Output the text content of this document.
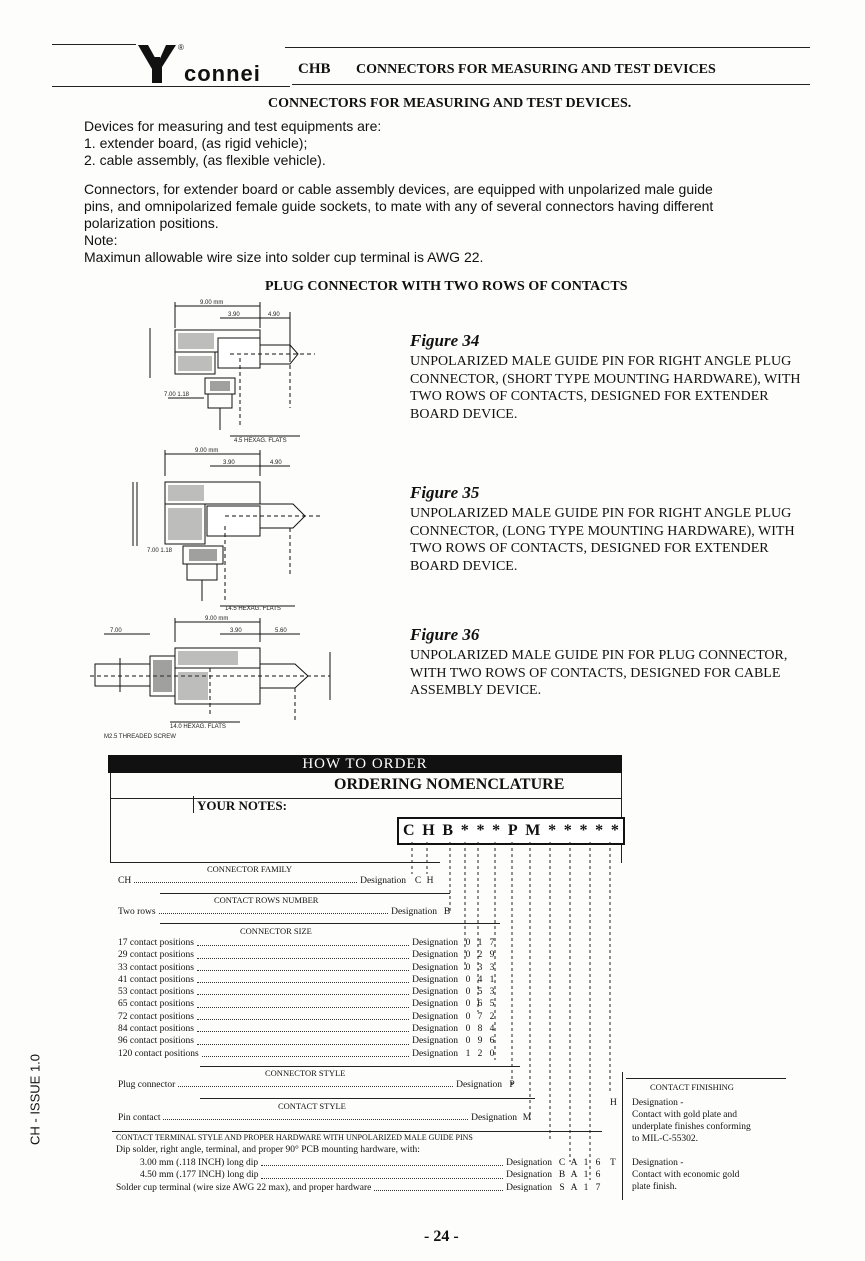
®
connei CHB CONNECTORS FOR MEASURING AND TEST DEVICES
CONNECTORS FOR MEASURING AND TEST DEVICES.
Devices for measuring and test equipments are:
1. extender board, (as rigid vehicle);
2. cable assembly, (as flexible vehicle).
Connectors, for extender board or cable assembly devices, are equipped with unpolarized male guide
pins, and omnipolarized female guide sockets, to mate with any of several connectors having different
polarization positions.
Note:
Maximun allowable wire size into solder cup terminal is AWG 22.
PLUG CONNECTOR WITH TWO ROWS OF CONTACTS
9.00 mm
3.90	4.90
7.00 1.18
4.5 HEXAG. FLATS
Figure 34
UNPOLARIZED MALE GUIDE PIN FOR RIGHT ANGLE PLUG
CONNECTOR, (SHORT TYPE MOUNTING HARDWARE), WITH
TWO ROWS OF CONTACTS, DESIGNED FOR EXTENDER
BOARD DEVICE.
9.00 mm
3.90	4.90
7.00 1.18
14.5 HEXAG. FLATS
Figure 35
UNPOLARIZED MALE GUIDE PIN FOR RIGHT ANGLE PLUG
CONNECTOR, (LONG TYPE MOUNTING HARDWARE), WITH
TWO ROWS OF CONTACTS, DESIGNED FOR EXTENDER
BOARD DEVICE.
9.00 mm
7.00	3.90	5.60
14.0 HEXAG. FLATS
M2.5 THREADED SCREW
Figure 36
UNPOLARIZED MALE GUIDE PIN FOR PLUG CONNECTOR,
WITH TWO ROWS OF CONTACTS, DESIGNED FOR CABLE
ASSEMBLY DEVICE.
HOW TO ORDER
ORDERING NOMENCLATURE
YOUR NOTES:
C H B * * * P M * * * * *
CONNECTOR FAMILY
CH	Designation C H
CONTACT ROWS NUMBER
Two rows	Designation B
CONNECTOR SIZE
17 contact positions	Designation 0 1 7
29 contact positions	Designation 0 2 9
33 contact positions	Designation 0 3 3
41 contact positions	Designation 0 4 1
53 contact positions	Designation 0 5 3
65 contact positions	Designation 0 6 5
72 contact positions	Designation 0 7 2
84 contact positions	Designation 0 8 4
96 contact positions	Designation 0 9 6
120 contact positions	Designation 1 2 0
CONNECTOR STYLE
Plug connector	Designation P
CONTACT STYLE
Pin contact	Designation M
CONTACT TERMINAL STYLE AND PROPER HARDWARE WITH UNPOLARIZED MALE GUIDE PINS
Dip solder, right angle, terminal, and proper 90° PCB mounting hardware, with:
3.00 mm (.118 INCH) long dip	Designation C A 1 6
4.50 mm (.177 INCH) long dip	Designation B A 1 6
Solder cup terminal (wire size AWG 22 max), and proper hardware	Designation S A 1 7
CONTACT FINISHING
H	Designation -
Contact with gold plate and
underplate finishes conforming
to MIL-C-55302.
T	Designation -
Contact with economic gold
plate finish.
- 24 -
CH - ISSUE 1.0
